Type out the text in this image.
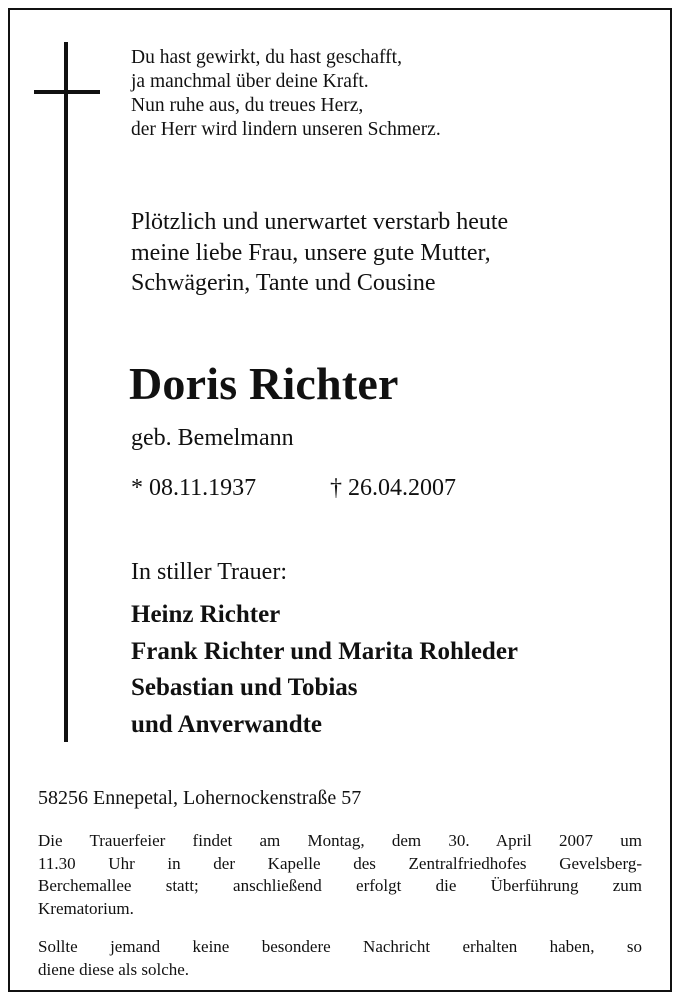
Du hast gewirkt, du hast geschafft,
ja manchmal über deine Kraft.
Nun ruhe aus, du treues Herz,
der Herr wird lindern unseren Schmerz.
Plötzlich und unerwartet verstarb heute
meine liebe Frau, unsere gute Mutter,
Schwägerin, Tante und Cousine
Doris Richter
geb. Bemelmann
* 08.11.1937	† 26.04.2007
In stiller Trauer:
Heinz Richter
Frank Richter und Marita Rohleder
Sebastian und Tobias
und Anverwandte
58256 Ennepetal, Lohernockenstraße 57
Die Trauerfeier findet am Montag, dem 30. April 2007 um
11.30 Uhr in der Kapelle des Zentralfriedhofes Gevelsberg-
Berchemallee statt; anschließend erfolgt die Überführung zum
Krematorium.
Sollte jemand keine besondere Nachricht erhalten haben, so
diene diese als solche.
